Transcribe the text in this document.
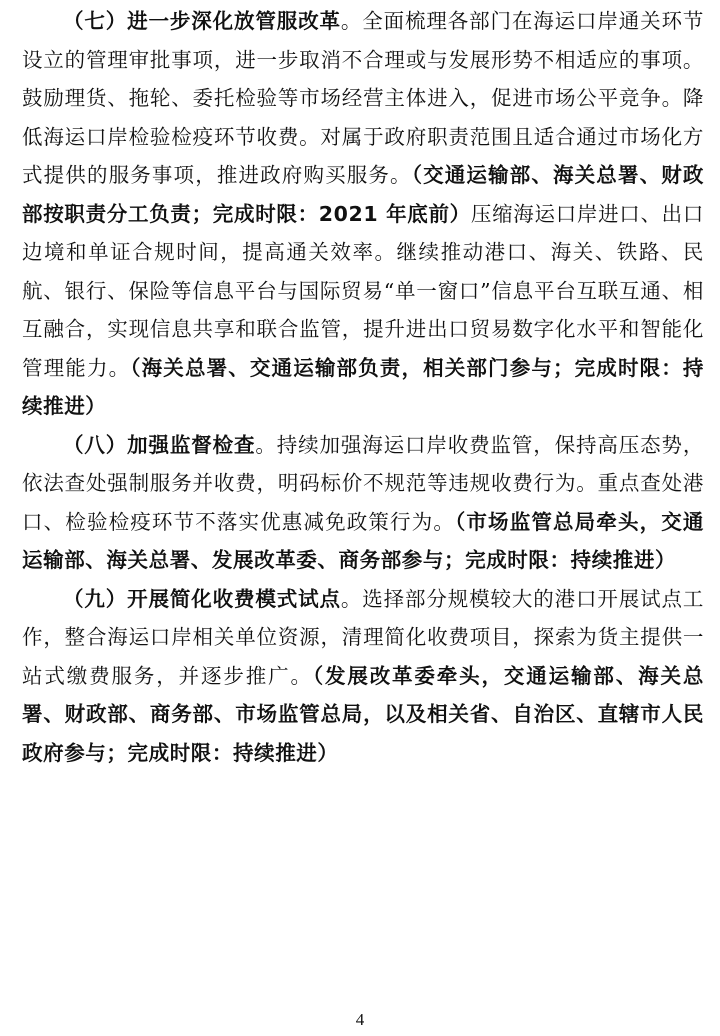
（七）进一步深化放管服改革。全面梳理各部门在海运口岸通关环节设立的管理审批事项，进一步取消不合理或与发展形势不相适应的事项。鼓励理货、拖轮、委托检验等市场经营主体进入，促进市场公平竞争。降低海运口岸检验检疫环节收费。对属于政府职责范围且适合通过市场化方式提供的服务事项，推进政府购买服务。（交通运输部、海关总署、财政部按职责分工负责；完成时限：2021 年底前）压缩海运口岸进口、出口边境和单证合规时间，提高通关效率。继续推动港口、海关、铁路、民航、银行、保险等信息平台与国际贸易“单一窗口”信息平台互联互通、相互融合，实现信息共享和联合监管，提升进出口贸易数字化水平和智能化管理能力。（海关总署、交通运输部负责，相关部门参与；完成时限：持续推进）

（八）加强监督检查。持续加强海运口岸收费监管，保持高压态势，依法查处强制服务并收费，明码标价不规范等违规收费行为。重点查处港口、检验检疫环节不落实优惠减免政策行为。（市场监管总局牵头，交通运输部、海关总署、发展改革委、商务部参与；完成时限：持续推进）

（九）开展简化收费模式试点。选择部分规模较大的港口开展试点工作，整合海运口岸相关单位资源，清理简化收费项目，探索为货主提供一站式缴费服务，并逐步推广。（发展改革委牵头，交通运输部、海关总署、财政部、商务部、市场监管总局，以及相关省、自治区、直辖市人民政府参与；完成时限：持续推进）

4
